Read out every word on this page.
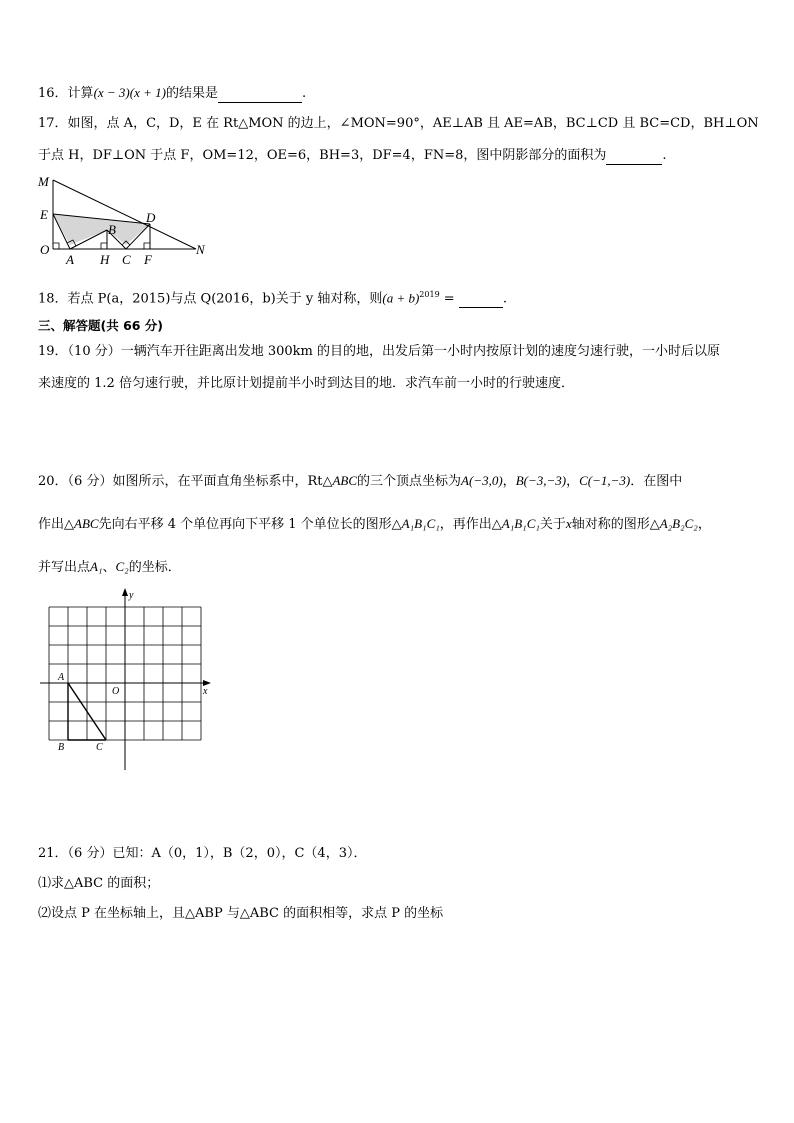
16．计算(x − 3)(x + 1)的结果是	.
17．如图，点 A，C，D，E 在 Rt△MON 的边上，∠MON=90°，AE⊥AB 且 AE=AB，BC⊥CD 且 BC=CD，BH⊥ON
于点 H，DF⊥ON 于点 F，OM=12，OE=6，BH=3，DF=4，FN=8，图中阴影部分的面积为	.
M
E	D
B
O
A H C F
N
18．若点 P(a，2015)与点 Q(2016，b)关于 y 轴对称，则$(a + b)^{2019}$ =	.
三、解答题(共 66 分)
19．（10 分）一辆汽车开往距离出发地 300km 的目的地，出发后第一小时内按原计划的速度匀速行驶，一小时后以原
来速度的 1.2 倍匀速行驶，并比原计划提前半小时到达目的地．求汽车前一小时的行驶速度．
20．（6 分）如图所示，在平面直角坐标系中，Rt△ABC的三个顶点坐标为A(−3,0)，B(−3,−3)，C(−1,−3)．在图中
作出△ABC先向右平移 4 个单位再向下平移 1 个单位长的图形△A₁B₁C₁，再作出△A₁B₁C₁关于x轴对称的图形△A₂B₂C₂，
并写出点A₁、C₂的坐标．
y
x
O
A
B	C
21．（6 分）已知：A（0，1），B（2，0），C（4，3）．
⑴求△ABC 的面积；
⑵设点 P 在坐标轴上，且△ABP 与△ABC 的面积相等，求点 P 的坐标
